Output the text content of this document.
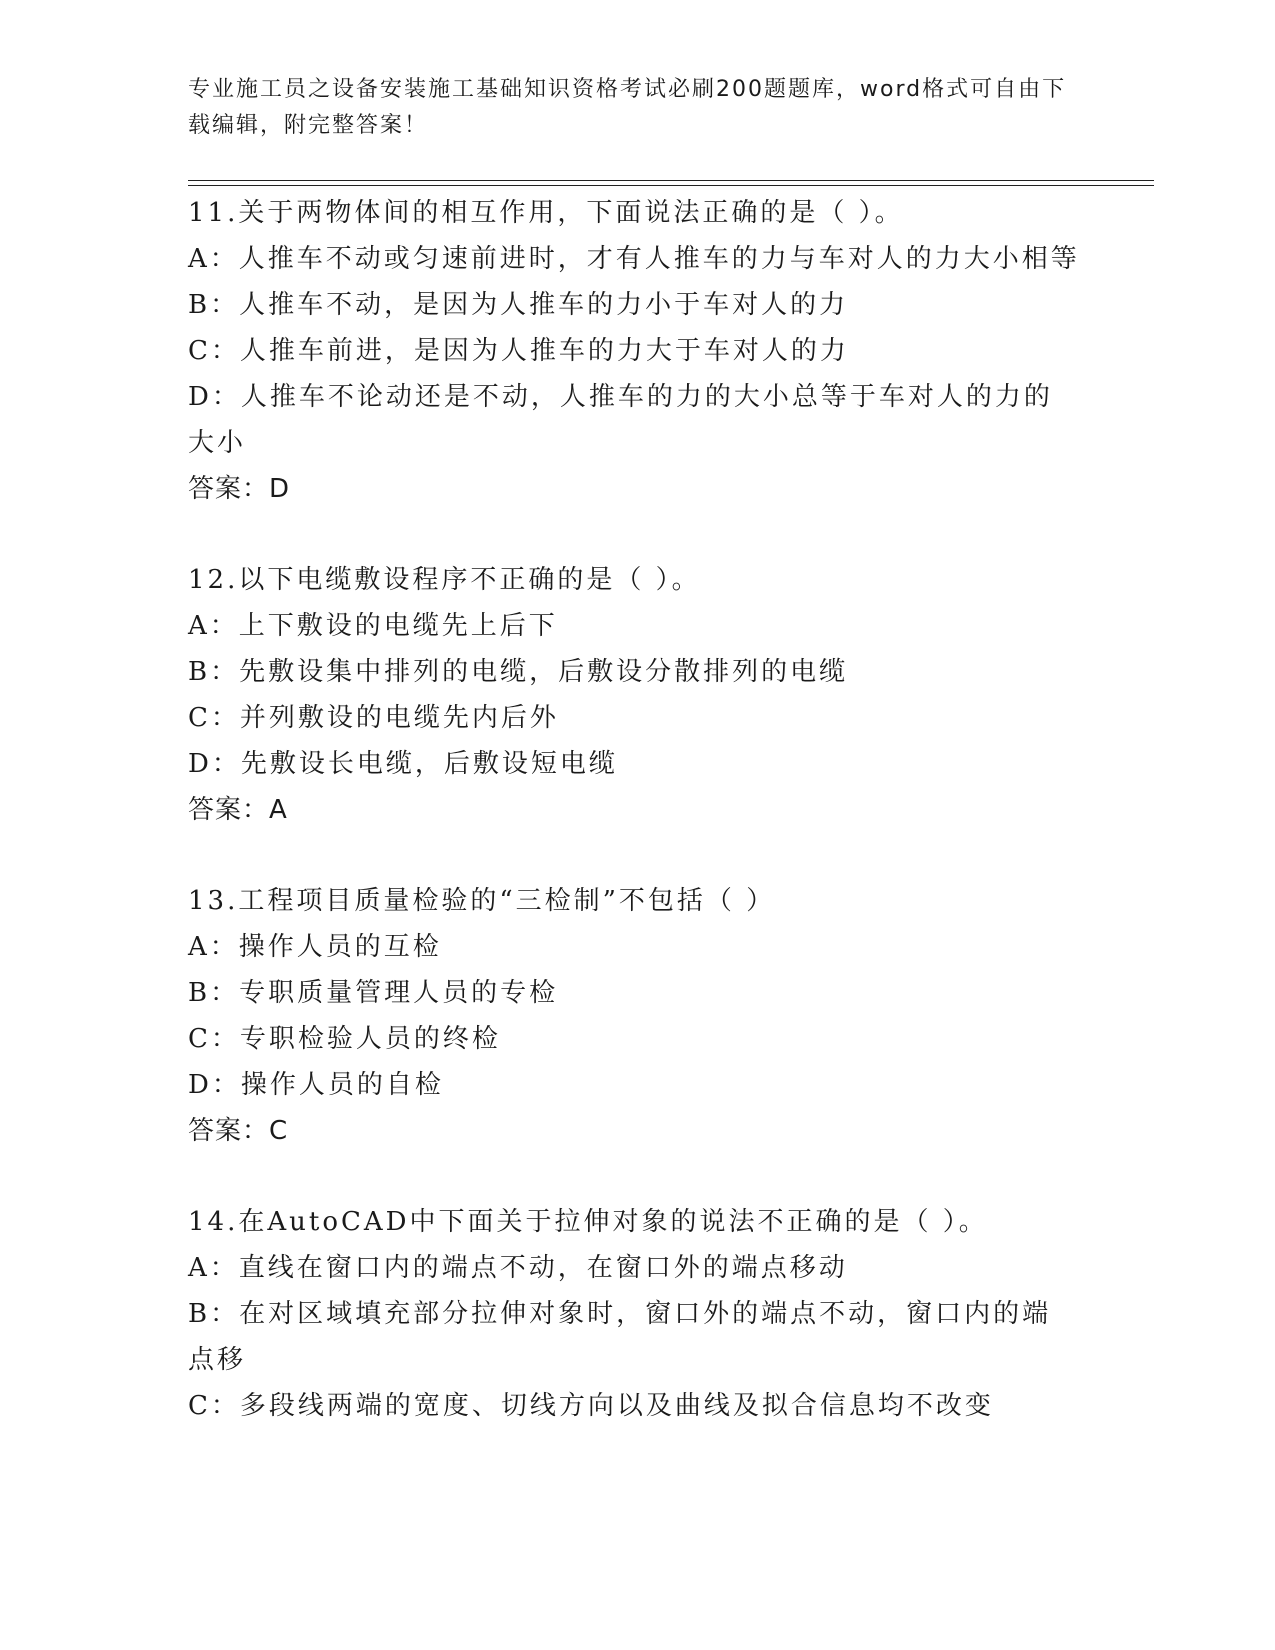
专业施工员之设备安装施工基础知识资格考试必刷200题题库，word格式可自由下载编辑，附完整答案！

11.关于两物体间的相互作用，下面说法正确的是（ ）。

A：人推车不动或匀速前进时，才有人推车的力与车对人的力大小相等

B：人推车不动，是因为人推车的力小于车对人的力

C：人推车前进，是因为人推车的力大于车对人的力

D：人推车不论动还是不动，人推车的力的大小总等于车对人的力的大小

答案：D

12.以下电缆敷设程序不正确的是（ ）。

A：上下敷设的电缆先上后下

B：先敷设集中排列的电缆，后敷设分散排列的电缆

C：并列敷设的电缆先内后外

D：先敷设长电缆，后敷设短电缆

答案：A

13.工程项目质量检验的“三检制”不包括（ ）

A：操作人员的互检

B：专职质量管理人员的专检

C：专职检验人员的终检

D：操作人员的自检

答案：C

14.在AutoCAD中下面关于拉伸对象的说法不正确的是（ ）。

A：直线在窗口内的端点不动，在窗口外的端点移动

B：在对区域填充部分拉伸对象时，窗口外的端点不动，窗口内的端点移

C：多段线两端的宽度、切线方向以及曲线及拟合信息均不改变
